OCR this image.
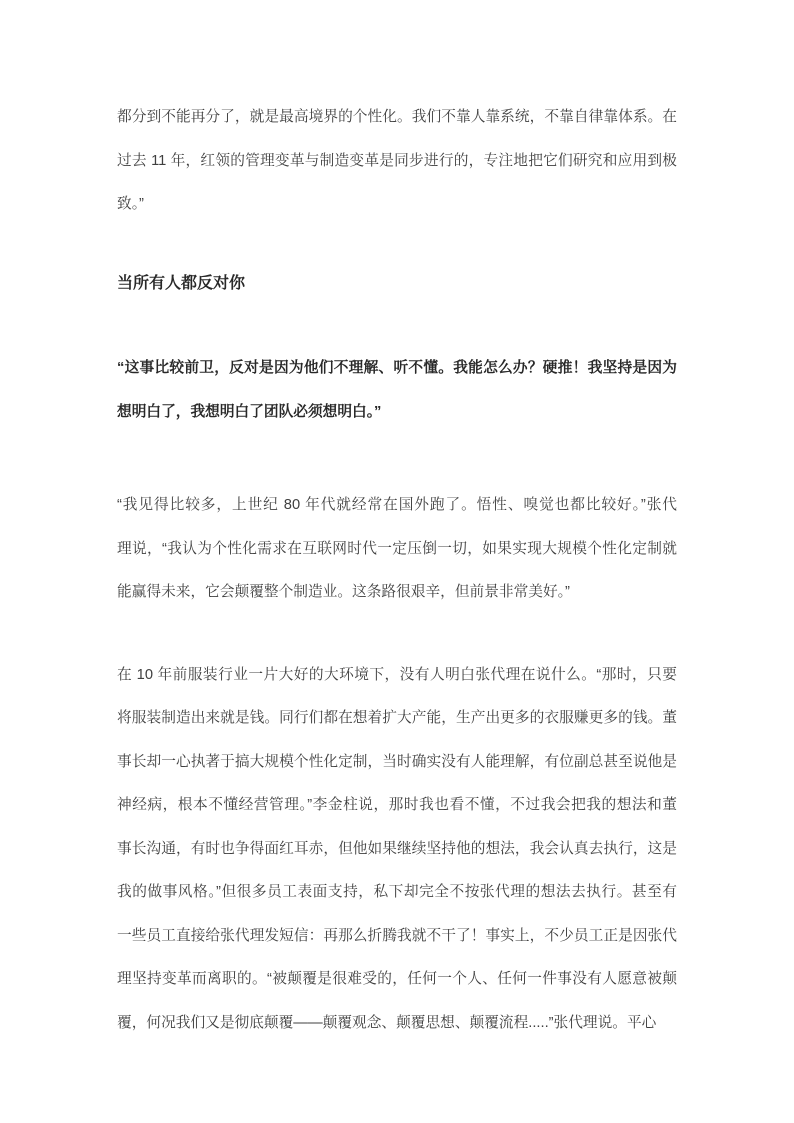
都分到不能再分了，就是最高境界的个性化。我们不靠人靠系统，不靠自律靠体系。在
过去 11 年，红领的管理变革与制造变革是同步进行的，专注地把它们研究和应用到极
致。”
当所有人都反对你
“这事比较前卫，反对是因为他们不理解、听不懂。我能怎么办？硬推！我坚持是因为
想明白了，我想明白了团队必须想明白。”
“我见得比较多，上世纪 80 年代就经常在国外跑了。悟性、嗅觉也都比较好。”张代
理说，“我认为个性化需求在互联网时代一定压倒一切，如果实现大规模个性化定制就
能赢得未来，它会颠覆整个制造业。这条路很艰辛，但前景非常美好。”
在 10 年前服装行业一片大好的大环境下，没有人明白张代理在说什么。“那时，只要
将服装制造出来就是钱。同行们都在想着扩大产能，生产出更多的衣服赚更多的钱。董
事长却一心执著于搞大规模个性化定制，当时确实没有人能理解，有位副总甚至说他是
神经病，根本不懂经营管理。”李金柱说，那时我也看不懂，不过我会把我的想法和董
事长沟通，有时也争得面红耳赤，但他如果继续坚持他的想法，我会认真去执行，这是
我的做事风格。”但很多员工表面支持，私下却完全不按张代理的想法去执行。甚至有
一些员工直接给张代理发短信：再那么折腾我就不干了！事实上，不少员工正是因张代
理坚持变革而离职的。“被颠覆是很难受的，任何一个人、任何一件事没有人愿意被颠
覆，何况我们又是彻底颠覆——颠覆观念、颠覆思想、颠覆流程.....”张代理说。平心
